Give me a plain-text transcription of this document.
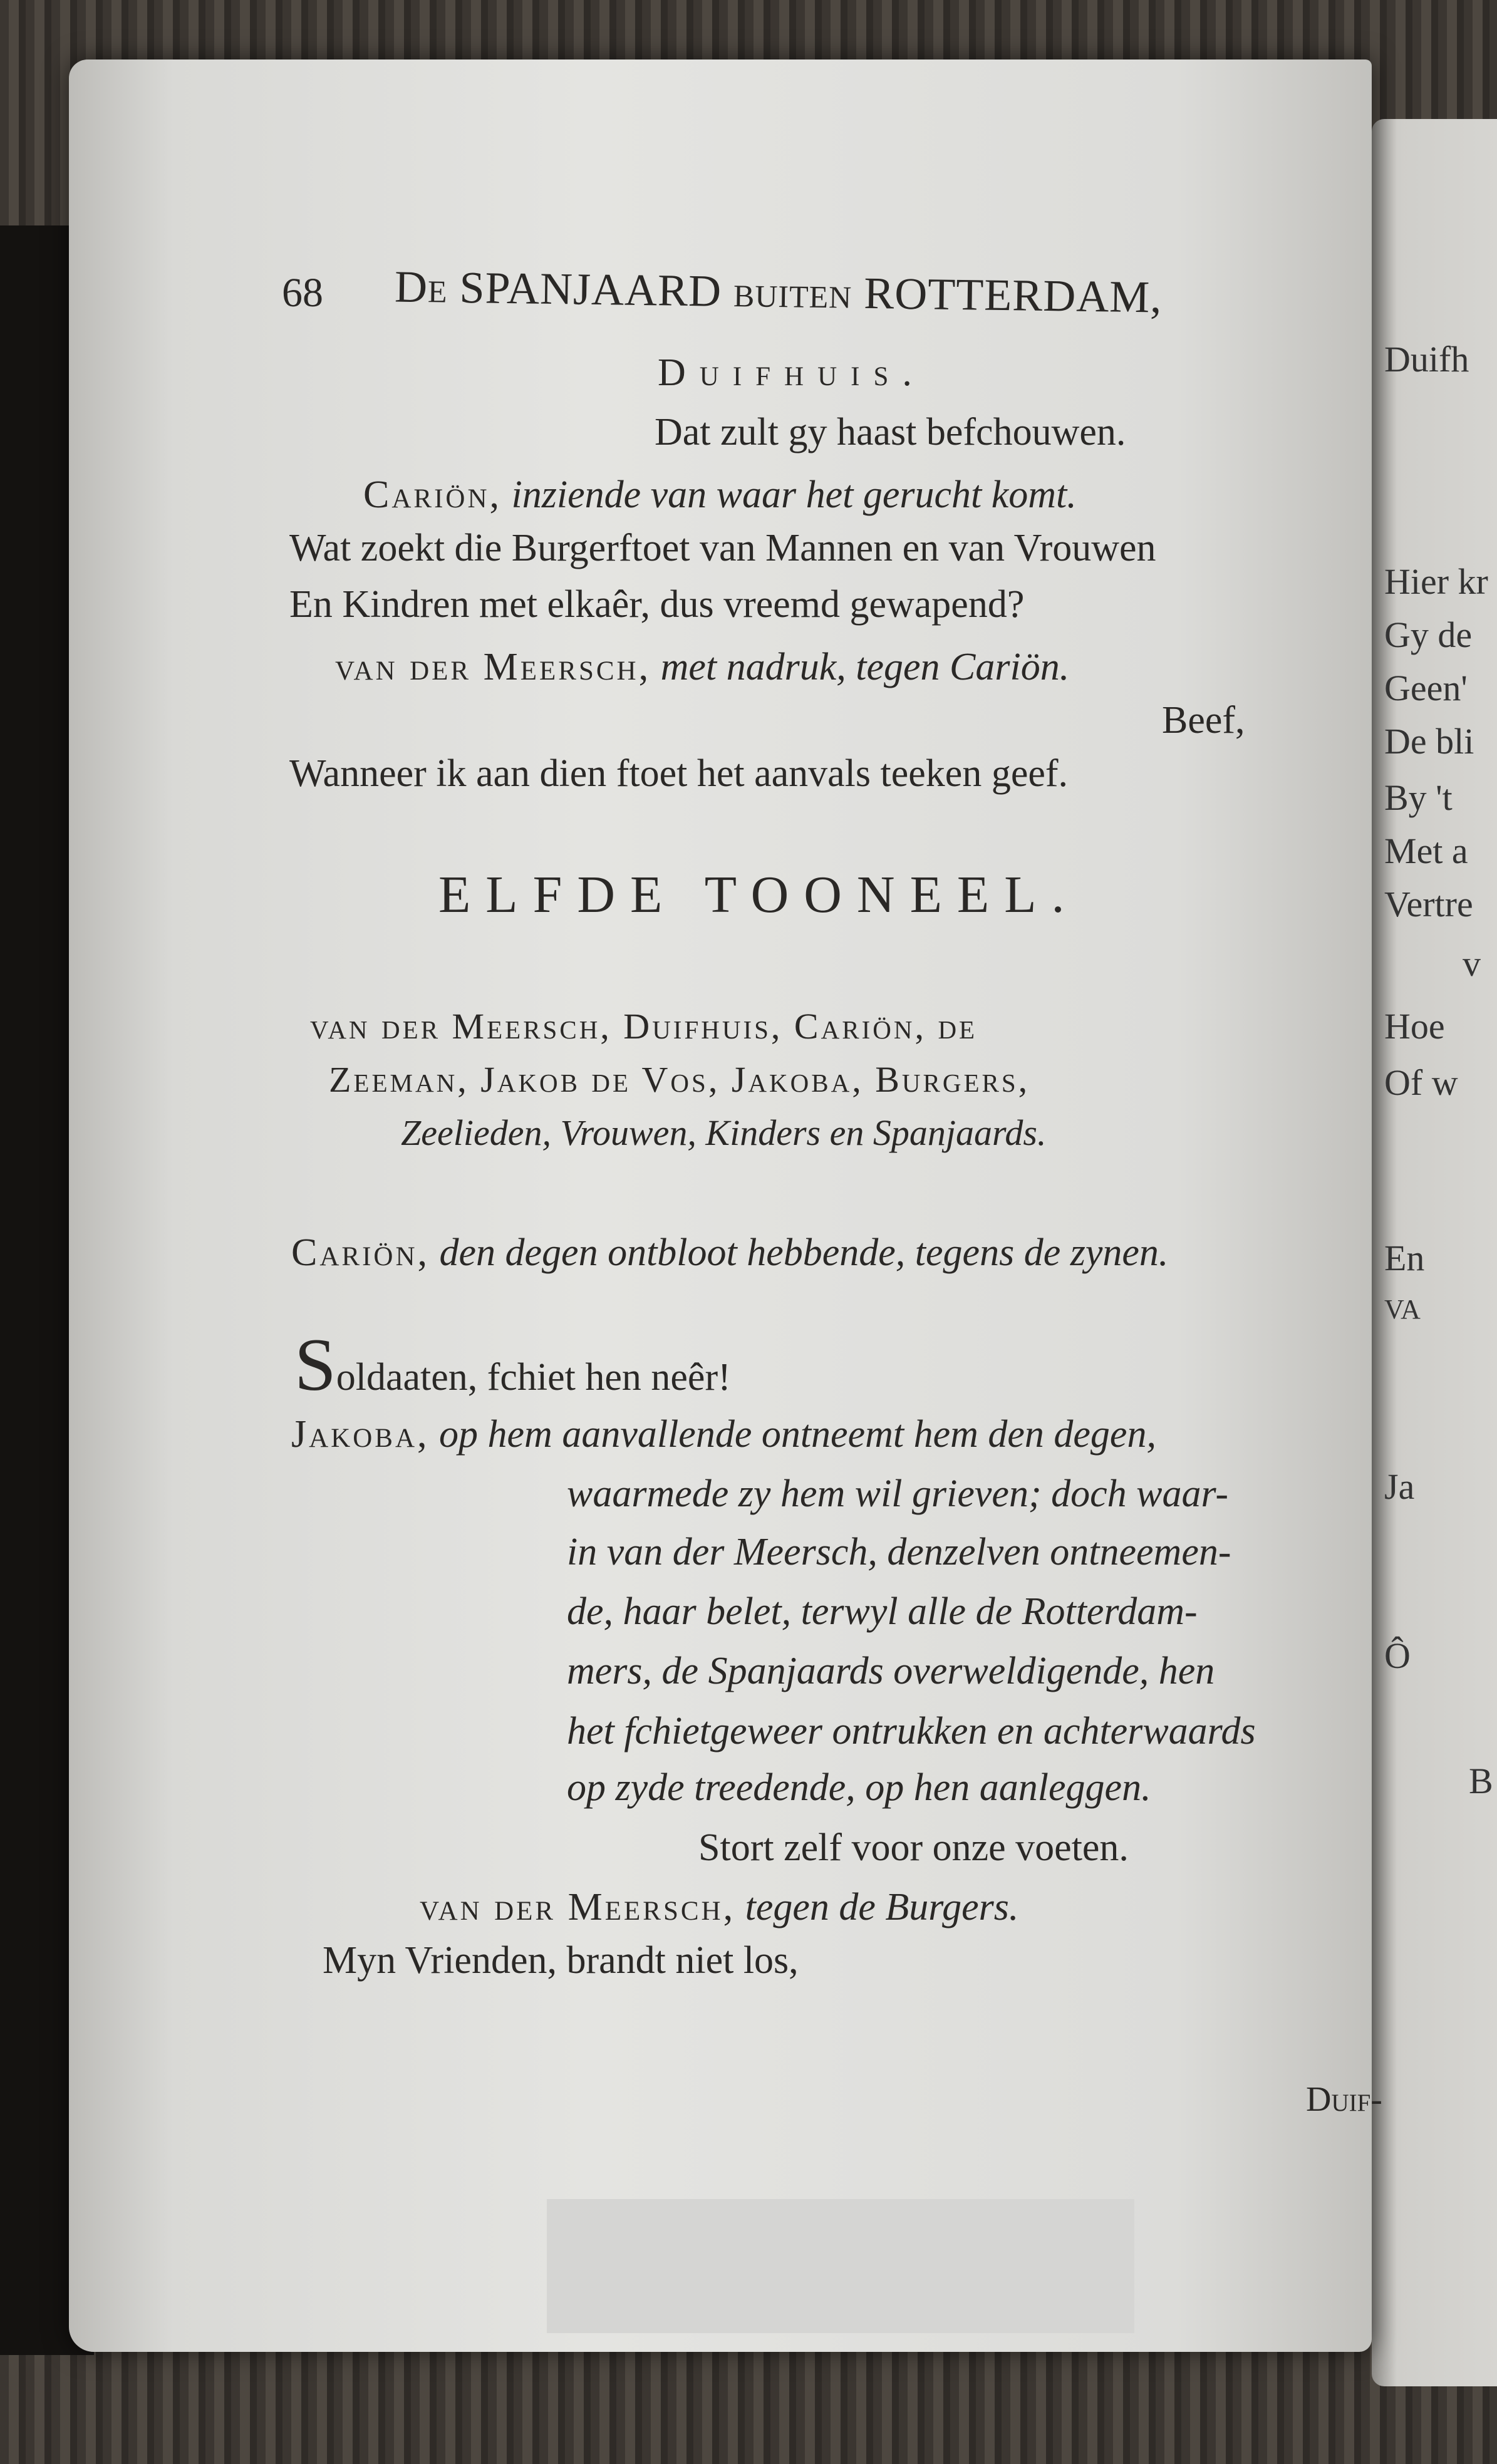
68 De SPANJAARD buiten ROTTERDAM,
Duifhuis.
Dat zult gy haast befchouwen.
Cariön, inziende van waar het gerucht komt.
Wat zoekt die Burgerftoet van Mannen en van Vrouwen
En Kindren met elkaêr, dus vreemd gewapend?
van der Meersch, met nadruk, tegen Cariön.
Beef,
Wanneer ik aan dien ftoet het aanvals teeken geef.
ELFDE TOONEEL.
van der Meersch, Duifhuis, Cariön, de
Zeeman, Jakob de Vos, Jakoba, Burgers,
Zeelieden, Vrouwen, Kinders en Spanjaards.
Cariön, den degen ontbloot hebbende, tegens de zynen.
Soldaaten, fchiet hen neêr!
Jakoba, op hem aanvallende ontneemt hem den degen,
waarmede zy hem wil grieven; doch waar-
in van der Meersch, denzelven ontneemen-
de, haar belet, terwyl alle de Rotterdam-
mers, de Spanjaards overweldigende, hen
het fchietgeweer ontrukken en achterwaards
op zyde treedende, op hen aanleggen.
Stort zelf voor onze voeten.
van der Meersch, tegen de Burgers.
Myn Vrienden, brandt niet los,
Duif-
Duifh
Hier kr
Gy de
Geen'
De bli
By 't
Met a
Vertre
v
Hoe
Of w
En
VA
Ja
Ô
B
